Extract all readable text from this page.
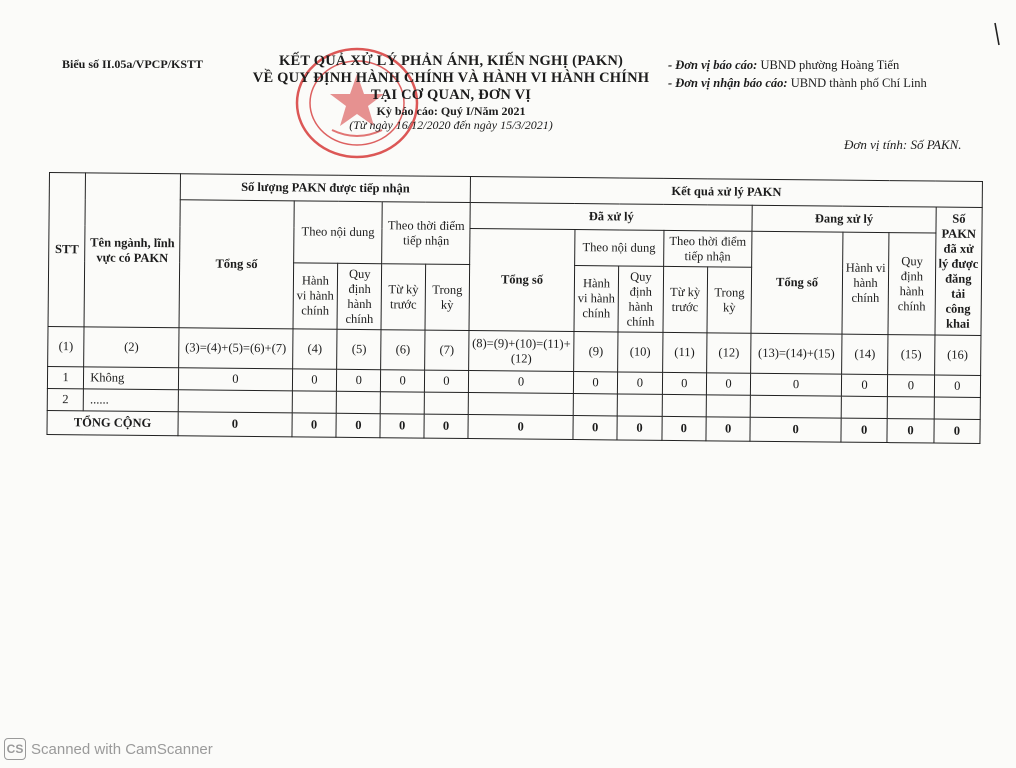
Biểu số II.05a/VPCP/KSTT	KẾT QUẢ XỬ LÝ PHẢN ÁNH, KIẾN NGHỊ (PAKN)
VỀ QUY ĐỊNH HÀNH CHÍNH VÀ HÀNH VI HÀNH CHÍNH
TẠI CƠ QUAN, ĐƠN VỊ
Kỳ báo cáo: Quý I/Năm 2021
(Từ ngày 16/12/2020 đến ngày 15/3/2021)
- Đơn vị báo cáo: UBND phường Hoàng Tiến
- Đơn vị nhận báo cáo: UBND thành phố Chí Linh
Đơn vị tính: Số PAKN.
STT	Tên ngành, lĩnh vực có PAKN	Số lượng PAKN được tiếp nhận					Kết quả xử lý PAKN								
		Tổng số	Theo nội dung		Theo thời điểm tiếp nhận		Đã xử lý					Đang xử lý			Số PAKN đã xử lý được đăng tải công khai
							Tổng số	Theo nội dung		Theo thời điểm tiếp nhận		Tổng số	Hành vi hành chính	Quy định hành chính	
			Hành vi hành chính	Quy định hành chính	Từ kỳ trước	Trong kỳ		Hành vi hành chính	Quy định hành chính	Từ kỳ trước	Trong kỳ				
(1)	(2)	(3)=(4)+(5)=(6)+(7)	(4)	(5)	(6)	(7)	(8)=(9)+(10)=(11)+(12)	(9)	(10)	(11)	(12)	(13)=(14)+(15)	(14)	(15)	(16)
1	Không	0	0	0	0	0	0	0	0	0	0	0	0	0	0
2	......														
TỔNG CỘNG		0	0	0	0	0	0	0	0	0	0	0	0	0	0
CS Scanned with CamScanner
